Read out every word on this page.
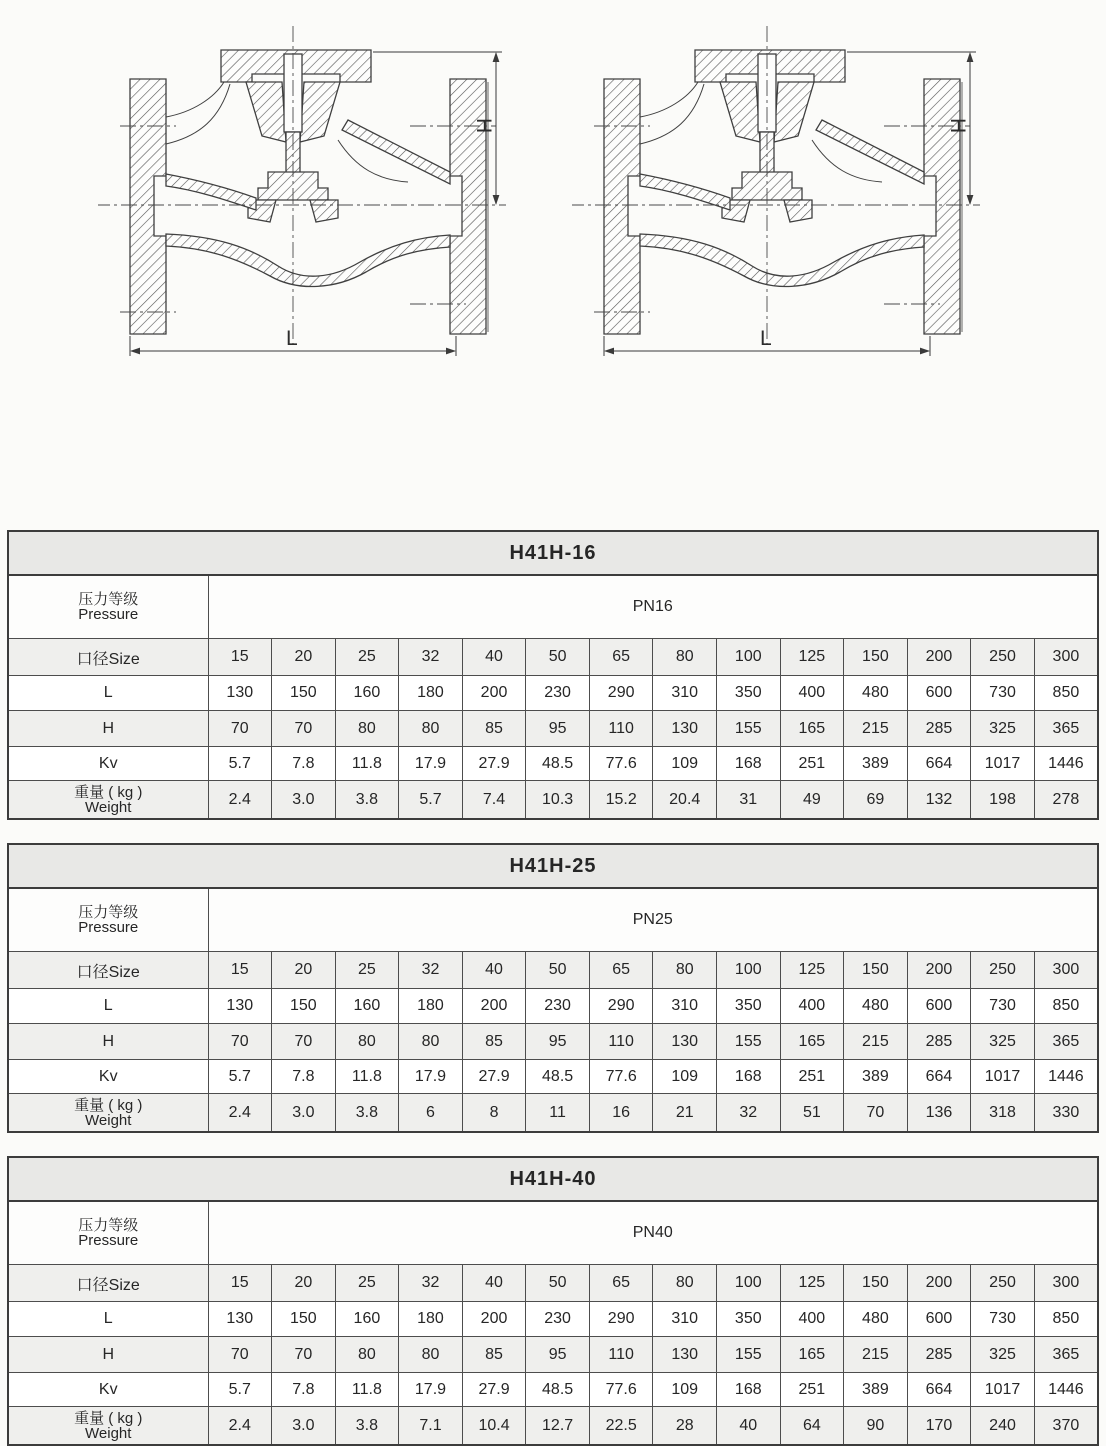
H
L
H
L
H41H-16														

压力等级
Pressure	PN16													
口径Size	15	20	25	32	40	50	65	80	100	125	150	200	250	300
L	130	150	160	180	200	230	290	310	350	400	480	600	730	850
H	70	70	80	80	85	95	110	130	155	165	215	285	325	365
Kv	5.7	7.8	11.8	17.9	27.9	48.5	77.6	109	168	251	389	664	1017	1446

重量 ( kg )
Weight	2.4	3.0	3.8	5.7	7.4	10.3	15.2	20.4	31	49	69	132	198	278
H41H-25														

压力等级
Pressure	PN25													
口径Size	15	20	25	32	40	50	65	80	100	125	150	200	250	300
L	130	150	160	180	200	230	290	310	350	400	480	600	730	850
H	70	70	80	80	85	95	110	130	155	165	215	285	325	365
Kv	5.7	7.8	11.8	17.9	27.9	48.5	77.6	109	168	251	389	664	1017	1446

重量 ( kg )
Weight	2.4	3.0	3.8	6	8	11	16	21	32	51	70	136	318	330
H41H-40														

压力等级
Pressure	PN40													
口径Size	15	20	25	32	40	50	65	80	100	125	150	200	250	300
L	130	150	160	180	200	230	290	310	350	400	480	600	730	850
H	70	70	80	80	85	95	110	130	155	165	215	285	325	365
Kv	5.7	7.8	11.8	17.9	27.9	48.5	77.6	109	168	251	389	664	1017	1446

重量 ( kg )
Weight	2.4	3.0	3.8	7.1	10.4	12.7	22.5	28	40	64	90	170	240	370
